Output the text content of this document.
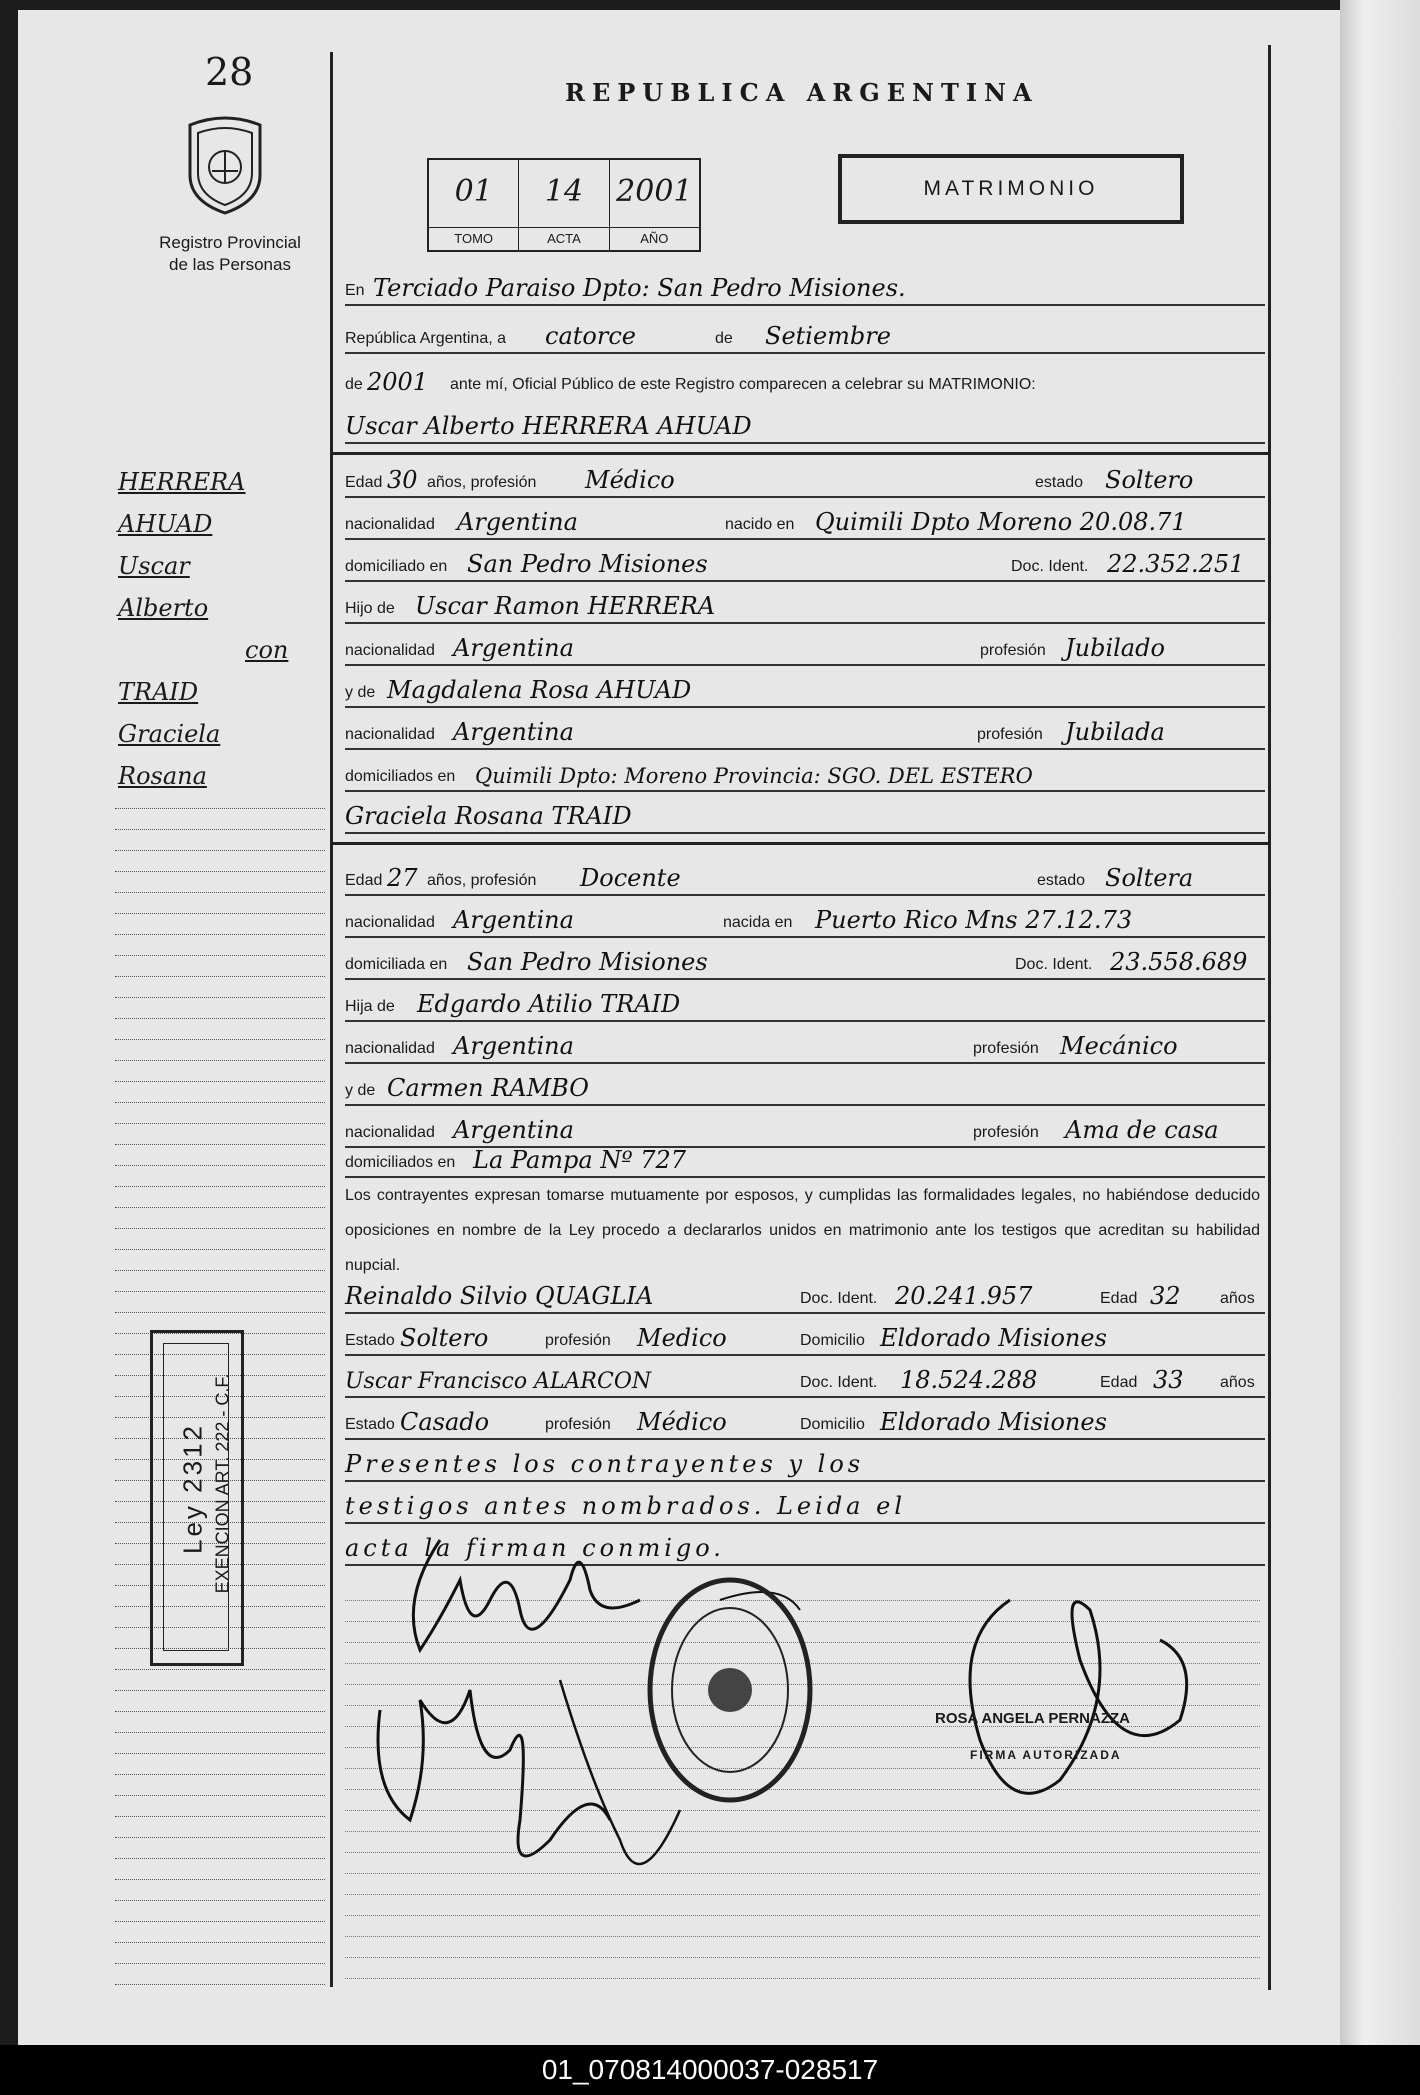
28
Registro Provincial
de las Personas
REPUBLICA ARGENTINA
01
TOMO
14
ACTA
2001
AÑO
MATRIMONIO
En Terciado Paraiso Dpto: San Pedro Misiones.
República Argentina, a catorce	de Setiembre
de 2001 ante mí, Oficial Público de este Registro comparecen a celebrar su MATRIMONIO:
Uscar Alberto HERRERA AHUAD
Edad 30 años, profesión Médico	estado Soltero
nacionalidad Argentina	nacido en Quimili Dpto Moreno 20.08.71
domiciliado en San Pedro Misiones	Doc. Ident. 22.352.251
Hijo de Uscar Ramon HERRERA
nacionalidad Argentina	profesión Jubilado
y de Magdalena Rosa AHUAD
nacionalidad Argentina	profesión Jubilada
domiciliados en Quimili Dpto: Moreno Provincia: SGO. DEL ESTERO
Graciela Rosana TRAID
Edad 27 años, profesión Docente	estado Soltera
nacionalidad Argentina	nacida en Puerto Rico Mns 27.12.73
domiciliada en San Pedro Misiones	Doc. Ident. 23.558.689
Hija de Edgardo Atilio TRAID
nacionalidad Argentina	profesión Mecánico
y de Carmen RAMBO
nacionalidad Argentina	profesión Ama de casa
domiciliados en La Pampa Nº 727
Los contrayentes expresan tomarse mutuamente por esposos, y cumplidas las formalidades legales, no habiéndose deducido oposiciones en nombre de la Ley procedo a declararlos unidos en matrimonio ante los testigos que acreditan su habilidad nupcial.
Reinaldo Silvio QUAGLIA	Doc. Ident. 20.241.957	Edad 32 años
Estado Soltero	profesión Medico	Domicilio Eldorado Misiones
Uscar Francisco ALARCON	Doc. Ident. 18.524.288	Edad 33 años
Estado Casado	profesión Médico	Domicilio Eldorado Misiones
Presentes los contrayentes y los
testigos antes nombrados. Leida el
acta la firman conmigo.
HERRERA
AHUAD
Uscar
Alberto
con
TRAID
Graciela
Rosana
Ley 2312 EXENCION ART. 222 - C.F.
ROSA ANGELA PERNAZZA
FIRMA AUTORIZADA
01_070814000037-028517
